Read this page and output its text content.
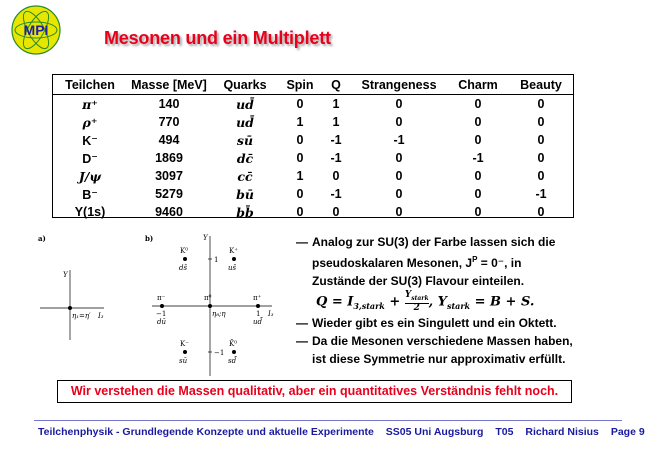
MPI	Mesonen und ein Multiplett
Teilchen	Masse [MeV]	Quarks	Spin	Q	Strangeness	Charm	Beauty
π⁺	140	ud̄	0	1	0	0	0
ρ⁺	770	ud̄	1	1	0	0	0
K⁻	494	sū	0	-1	-1	0	0
D⁻	1869	dc̄	0	-1	0	-1	0
J/ψ	3097	cc̄	1	0	0	0	0
B⁻	5279	bū	0	-1	0	0	-1
Y(1s)	9460	bb̄	0	0	0	0	0
a)
Y
I₃
η₁=η′
b)	Y
I₃
1
−1
−1	1
K⁰
ds̄
K⁺
us̄
π⁻
dū
π⁰
η₈;η
π⁺
ud̄
K⁻
sū
K̄⁰
sd̄
— Analog zur SU(3) der Farbe lassen sich die
pseudoskalaren Mesonen, $J^P = 0^-$, in
Zustände der SU(3) Flavour einteilen.
$Q = I_{3,stark} + Y_{stark}$
2 , $Y_{stark} = B + S$.
— Wieder gibt es ein Singulett und ein Oktett.
— Da die Mesonen verschiedene Massen haben,
ist diese Symmetrie nur approximativ erfüllt.
Wir verstehen die Massen qualitativ, aber ein quantitatives Verständnis fehlt noch.
Teilchenphysik - Grundlegende Konzepte und aktuelle Experimente SS05 Uni Augsburg T05 Richard Nisius Page 9
